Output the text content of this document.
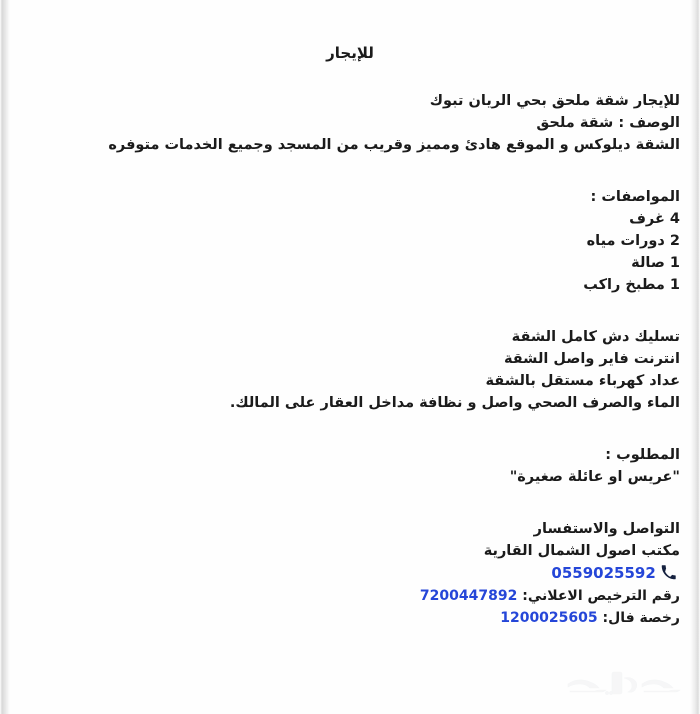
للإيجار
للإيجار شقة ملحق بحي الريان تبوك
الوصف : شقة ملحق
الشقة ديلوكس و الموقع هادئ ومميز وقريب من المسجد وجميع الخدمات متوفره
المواصفات :
4 غرف
2 دورات مياه
1 صالة
1 مطبخ راكب
تسليك دش كامل الشقة
انترنت فاير واصل الشقة
عداد كهرباء مستقل بالشقة
الماء والصرف الصحي واصل و نظافة مداخل العقار على المالك.
المطلوب :
"عريس او عائلة صغيرة"
التواصل والاستفسار
مكتب اصول الشمال القارية
0559025592
رقم الترخيص الاعلاني: 7200447892
رخصة فال: 1200025605
